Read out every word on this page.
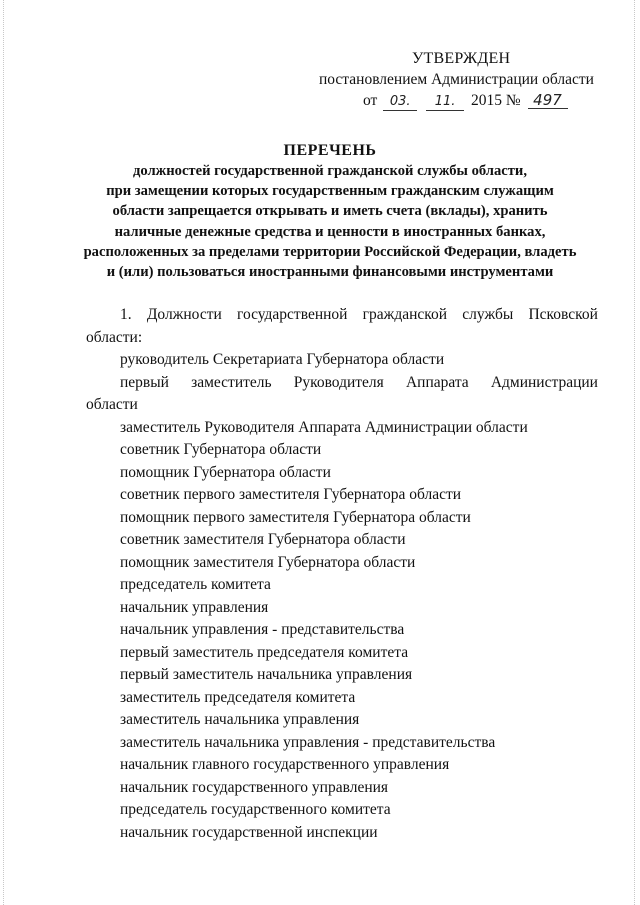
УТВЕРЖДЕН
постановлением Администрации области
от 03. 11. 2015 № 497
ПЕРЕЧЕНЬ
должностей государственной гражданской службы области,
при замещении которых государственным гражданским служащим
области запрещается открывать и иметь счета (вклады), хранить
наличные денежные средства и ценности в иностранных банках,
расположенных за пределами территории Российской Федерации, владеть
и (или) пользоваться иностранными финансовыми инструментами
1. Должности государственной гражданской службы Псковской
области:
руководитель Секретариата Губернатора области
первый заместитель Руководителя Аппарата Администрации
области
заместитель Руководителя Аппарата Администрации области
советник Губернатора области
помощник Губернатора области
советник первого заместителя Губернатора области
помощник первого заместителя Губернатора области
советник заместителя Губернатора области
помощник заместителя Губернатора области
председатель комитета
начальник управления
начальник управления - представительства
первый заместитель председателя комитета
первый заместитель начальника управления
заместитель председателя комитета
заместитель начальника управления
заместитель начальника управления - представительства
начальник главного государственного управления
начальник государственного управления
председатель государственного комитета
начальник государственной инспекции
